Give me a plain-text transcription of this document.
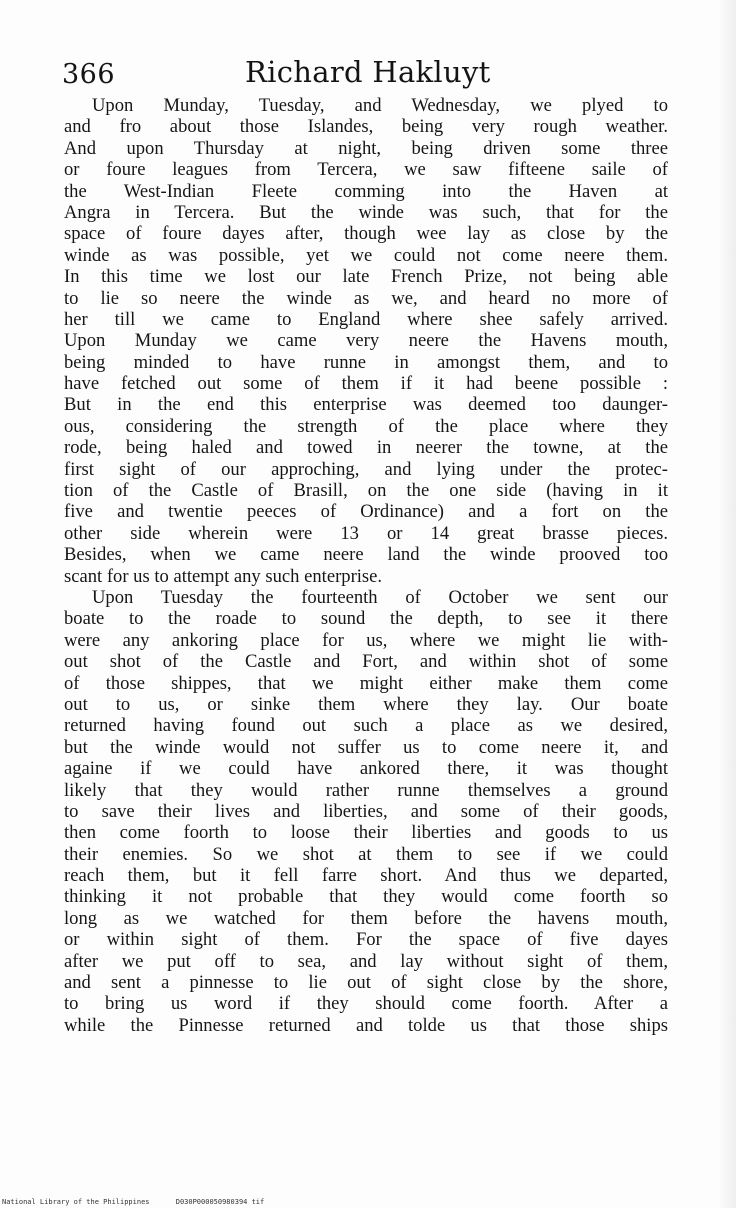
366	Richard Hakluyt
Upon Munday, Tuesday, and Wednesday, we plyed to
and fro about those Islandes, being very rough weather.
And upon Thursday at night, being driven some three
or foure leagues from Tercera, we saw fifteene saile of
the West-Indian Fleete comming into the Haven at
Angra in Tercera. But the winde was such, that for the
space of foure dayes after, though wee lay as close by the
winde as was possible, yet we could not come neere them.
In this time we lost our late French Prize, not being able
to lie so neere the winde as we, and heard no more of
her till we came to England where shee safely arrived.
Upon Munday we came very neere the Havens mouth,
being minded to have runne in amongst them, and to
have fetched out some of them if it had beene possible :
But in the end this enterprise was deemed too daunger-
ous, considering the strength of the place where they
rode, being haled and towed in neerer the towne, at the
first sight of our approching, and lying under the protec-
tion of the Castle of Brasill, on the one side (having in it
five and twentie peeces of Ordinance) and a fort on the
other side wherein were 13 or 14 great brasse pieces.
Besides, when we came neere land the winde prooved too
scant for us to attempt any such enterprise.
Upon Tuesday the fourteenth of October we sent our
boate to the roade to sound the depth, to see it there
were any ankoring place for us, where we might lie with-
out shot of the Castle and Fort, and within shot of some
of those shippes, that we might either make them come
out to us, or sinke them where they lay. Our boate
returned having found out such a place as we desired,
but the winde would not suffer us to come neere it, and
againe if we could have ankored there, it was thought
likely that they would rather runne themselves a ground
to save their lives and liberties, and some of their goods,
then come foorth to loose their liberties and goods to us
their enemies. So we shot at them to see if we could
reach them, but it fell farre short. And thus we departed,
thinking it not probable that they would come foorth so
long as we watched for them before the havens mouth,
or within sight of them. For the space of five dayes
after we put off to sea, and lay without sight of them,
and sent a pinnesse to lie out of sight close by the shore,
to bring us word if they should come foorth. After a
while the Pinnesse returned and tolde us that those ships
National Library of the Philippines	D030P000050980394 tif
